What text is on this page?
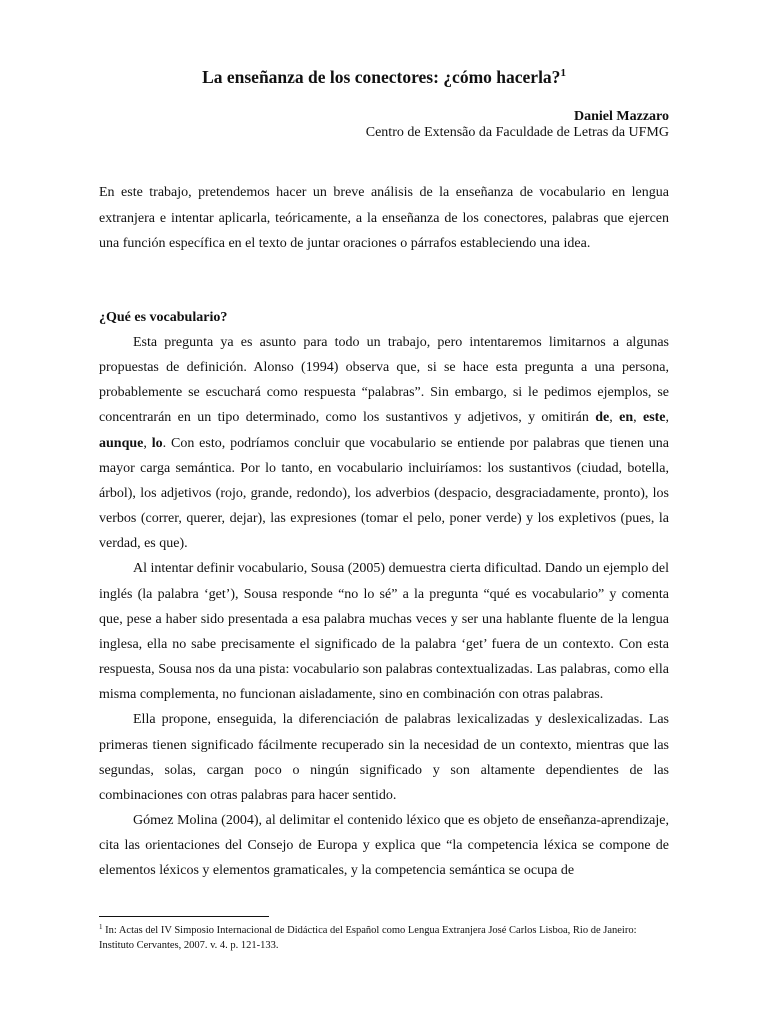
La enseñanza de los conectores: ¿cómo hacerla?$^1$
Daniel Mazzaro
Centro de Extensão da Faculdade de Letras da UFMG

En este trabajo, pretendemos hacer un breve análisis de la enseñanza de vocabulario en lengua extranjera e intentar aplicarla, teóricamente, a la enseñanza de los conectores, palabras que ejercen una función específica en el texto de juntar oraciones o párrafos estableciendo una idea.

¿Qué es vocabulario?

Esta pregunta ya es asunto para todo un trabajo, pero intentaremos limitarnos a algunas propuestas de definición. Alonso (1994) observa que, si se hace esta pregunta a una persona, probablemente se escuchará como respuesta “palabras”. Sin embargo, si le pedimos ejemplos, se concentrarán en un tipo determinado, como los sustantivos y adjetivos, y omitirán de, en, este, aunque, lo. Con esto, podríamos concluir que vocabulario se entiende por palabras que tienen una mayor carga semántica. Por lo tanto, en vocabulario incluiríamos: los sustantivos (ciudad, botella, árbol), los adjetivos (rojo, grande, redondo), los adverbios (despacio, desgraciadamente, pronto), los verbos (correr, querer, dejar), las expresiones (tomar el pelo, poner verde) y los expletivos (pues, la verdad, es que).

Al intentar definir vocabulario, Sousa (2005) demuestra cierta dificultad. Dando un ejemplo del inglés (la palabra ‘get’), Sousa responde “no lo sé” a la pregunta “qué es vocabulario” y comenta que, pese a haber sido presentada a esa palabra muchas veces y ser una hablante fluente de la lengua inglesa, ella no sabe precisamente el significado de la palabra ‘get’ fuera de un contexto. Con esta respuesta, Sousa nos da una pista: vocabulario son palabras contextualizadas. Las palabras, como ella misma complementa, no funcionan aisladamente, sino en combinación con otras palabras.

Ella propone, enseguida, la diferenciación de palabras lexicalizadas y deslexicalizadas. Las primeras tienen significado fácilmente recuperado sin la necesidad de un contexto, mientras que las segundas, solas, cargan poco o ningún significado y son altamente dependientes de las combinaciones con otras palabras para hacer sentido.

Gómez Molina (2004), al delimitar el contenido léxico que es objeto de enseñanza-aprendizaje, cita las orientaciones del Consejo de Europa y explica que “la competencia léxica se compone de elementos léxicos y elementos gramaticales, y la competencia semántica se ocupa de

$^1$ In: Actas del IV Simposio Internacional de Didáctica del Español como Lengua Extranjera José Carlos Lisboa, Rio de Janeiro: Instituto Cervantes, 2007. v. 4. p. 121-133.
